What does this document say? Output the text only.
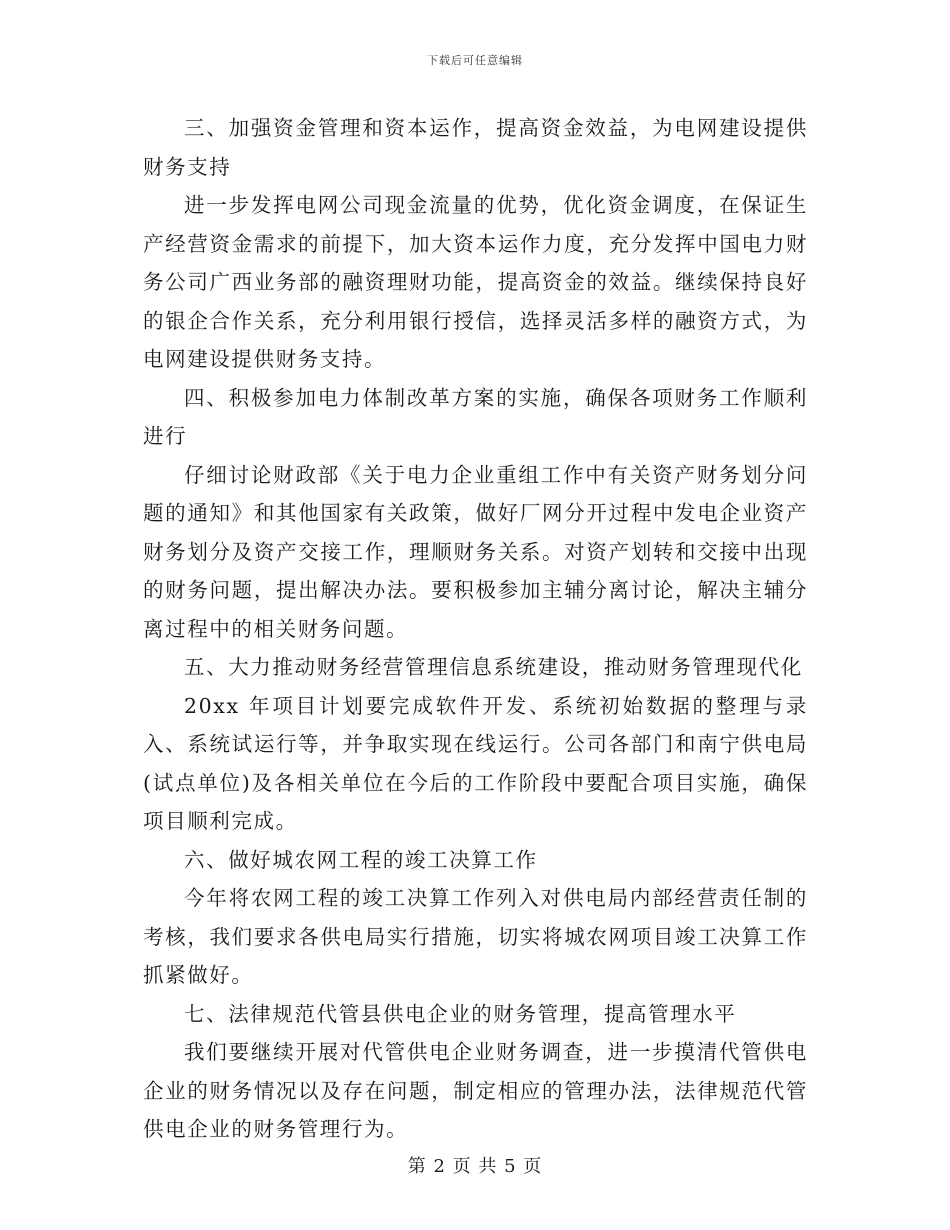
下载后可任意编辑

三、加强资金管理和资本运作，提高资金效益，为电网建设提供财务支持

进一步发挥电网公司现金流量的优势，优化资金调度，在保证生产经营资金需求的前提下，加大资本运作力度，充分发挥中国电力财务公司广西业务部的融资理财功能，提高资金的效益。继续保持良好的银企合作关系，充分利用银行授信，选择灵活多样的融资方式，为电网建设提供财务支持。

四、积极参加电力体制改革方案的实施，确保各项财务工作顺利进行

仔细讨论财政部《关于电力企业重组工作中有关资产财务划分问题的通知》和其他国家有关政策，做好厂网分开过程中发电企业资产财务划分及资产交接工作，理顺财务关系。对资产划转和交接中出现的财务问题，提出解决办法。要积极参加主辅分离讨论，解决主辅分离过程中的相关财务问题。

五、大力推动财务经营管理信息系统建设，推动财务管理现代化

20xx 年项目计划要完成软件开发、系统初始数据的整理与录入、系统试运行等，并争取实现在线运行。公司各部门和南宁供电局(试点单位)及各相关单位在今后的工作阶段中要配合项目实施，确保项目顺利完成。

六、做好城农网工程的竣工决算工作

今年将农网工程的竣工决算工作列入对供电局内部经营责任制的考核，我们要求各供电局实行措施，切实将城农网项目竣工决算工作抓紧做好。

七、法律规范代管县供电企业的财务管理，提高管理水平

我们要继续开展对代管供电企业财务调查，进一步摸清代管供电企业的财务情况以及存在问题，制定相应的管理办法，法律规范代管供电企业的财务管理行为。

第 2 页 共 5 页
